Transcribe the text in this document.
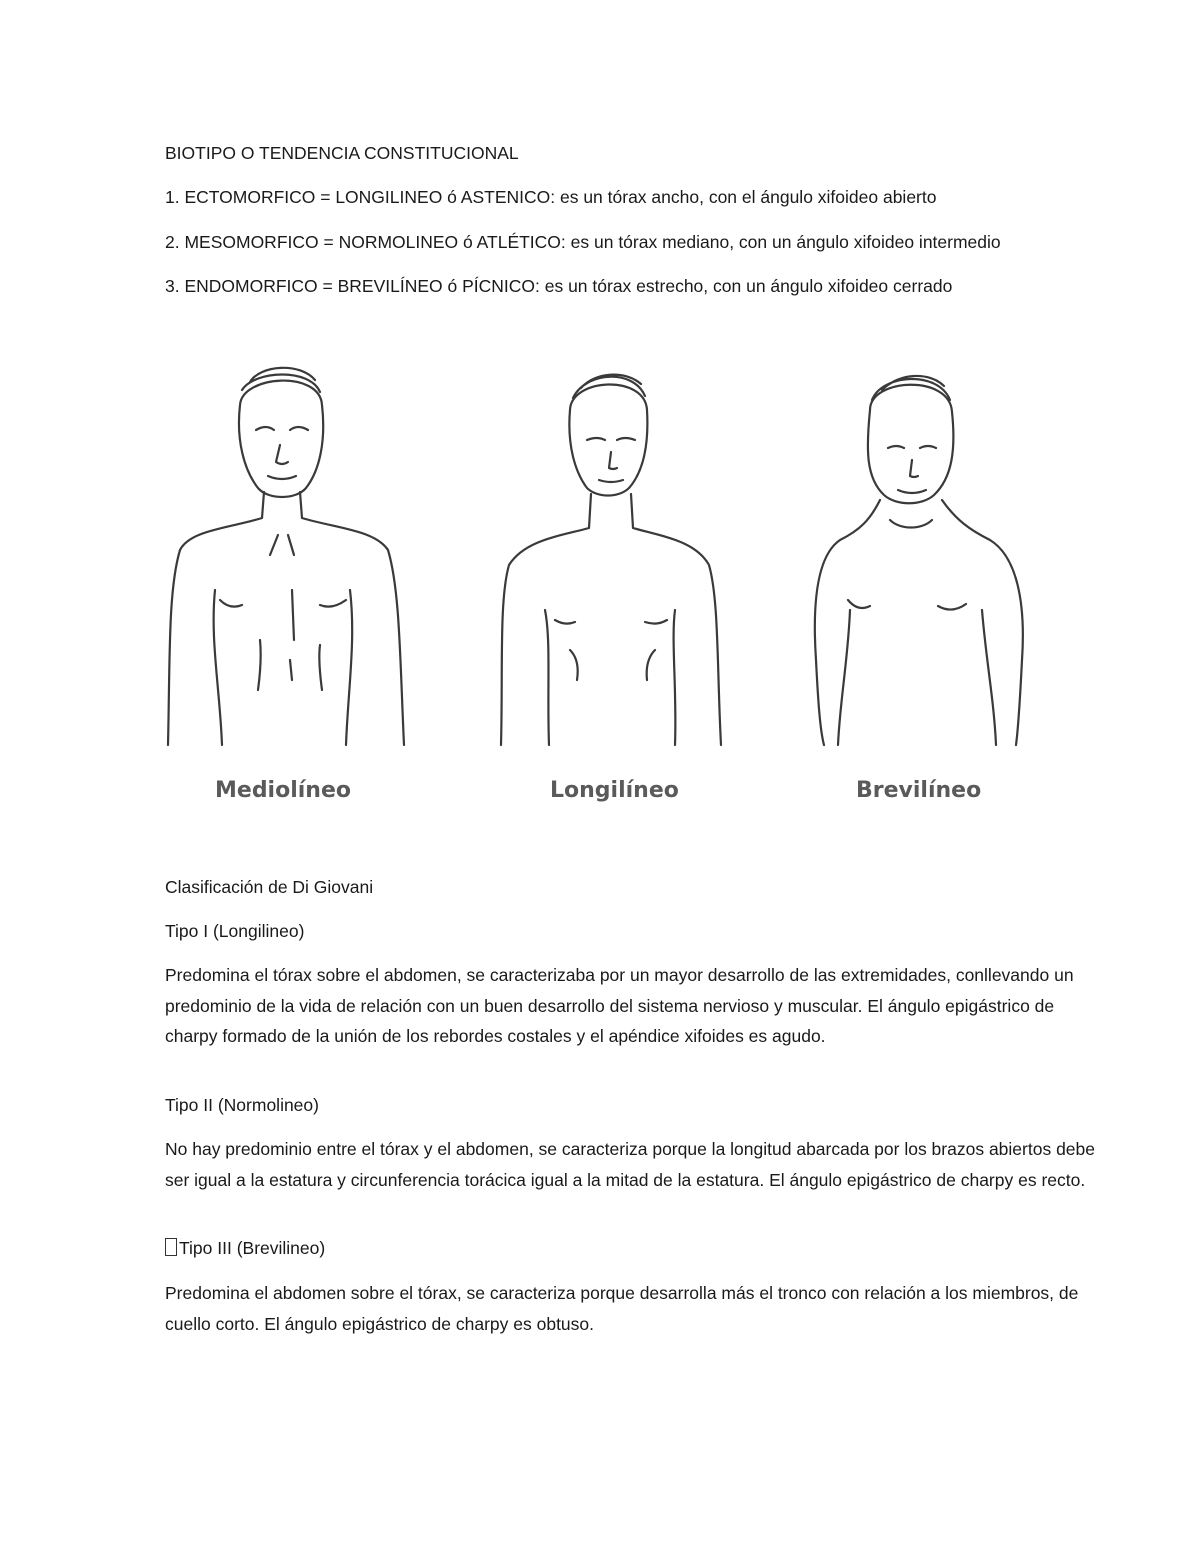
BIOTIPO O TENDENCIA CONSTITUCIONAL
1. ECTOMORFICO = LONGILINEO ó ASTENICO: es un tórax ancho, con el ángulo xifoideo abierto
2. MESOMORFICO = NORMOLINEO ó ATLÉTICO: es un tórax mediano, con un ángulo xifoideo intermedio
3. ENDOMORFICO = BREVILÍNEO ó PÍCNICO: es un tórax estrecho, con un ángulo xifoideo cerrado
Mediolíneo	Longilíneo	Brevilíneo
Clasificación de Di Giovani
Tipo I (Longilineo)
Predomina el tórax sobre el abdomen, se caracterizaba por un mayor desarrollo de las extremidades, conllevando un predominio de la vida de relación con un buen desarrollo del sistema nervioso y muscular. El ángulo epigástrico de charpy formado de la unión de los rebordes costales y el apéndice xifoides es agudo.
Tipo II (Normolineo)
No hay predominio entre el tórax y el abdomen, se caracteriza porque la longitud abarcada por los brazos abiertos debe ser igual a la estatura y circunferencia torácica igual a la mitad de la estatura. El ángulo epigástrico de charpy es recto.
Tipo III (Brevilineo)
Predomina el abdomen sobre el tórax, se caracteriza porque desarrolla más el tronco con relación a los miembros, de cuello corto. El ángulo epigástrico de charpy es obtuso.
